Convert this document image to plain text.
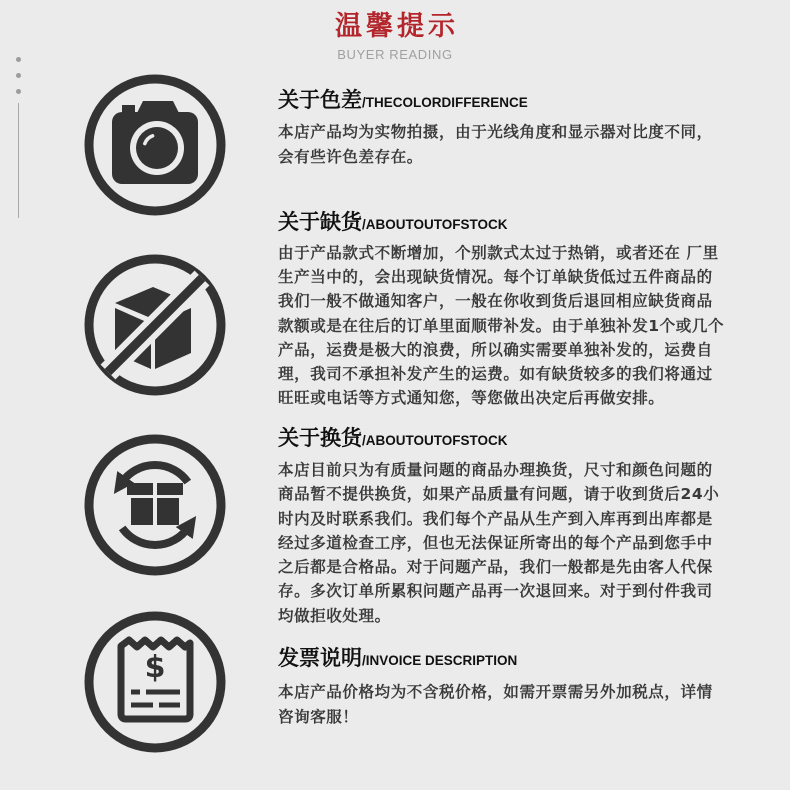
温馨提示
BUYER READING
$
关于色差/THECOLORDIFFERENCE
本店产品均为实物拍摄，由于光线角度和显示器对比度不同，
会有些许色差存在。
关于缺货/ABOUTOUTOFSTOCK
由于产品款式不断增加，个别款式太过于热销，或者还在 厂里
生产当中的，会出现缺货情况。每个订单缺货低过五件商品的
我们一般不做通知客户，一般在你收到货后退回相应缺货商品
款额或是在往后的订单里面顺带补发。由于单独补发1个或几个
产品，运费是极大的浪费，所以确实需要单独补发的，运费自
理，我司不承担补发产生的运费。如有缺货较多的我们将通过
旺旺或电话等方式通知您，等您做出决定后再做安排。
关于换货/ABOUTOUTOFSTOCK
本店目前只为有质量问题的商品办理换货，尺寸和颜色问题的
商品暂不提供换货，如果产品质量有问题，请于收到货后24小
时内及时联系我们。我们每个产品从生产到入库再到出库都是
经过多道检查工序，但也无法保证所寄出的每个产品到您手中
之后都是合格品。对于问题产品，我们一般都是先由客人代保
存。多次订单所累积问题产品再一次退回来。对于到付件我司
均做拒收处理。
发票说明/INVOICE DESCRIPTION
本店产品价格均为不含税价格，如需开票需另外加税点，详情
咨询客服！
